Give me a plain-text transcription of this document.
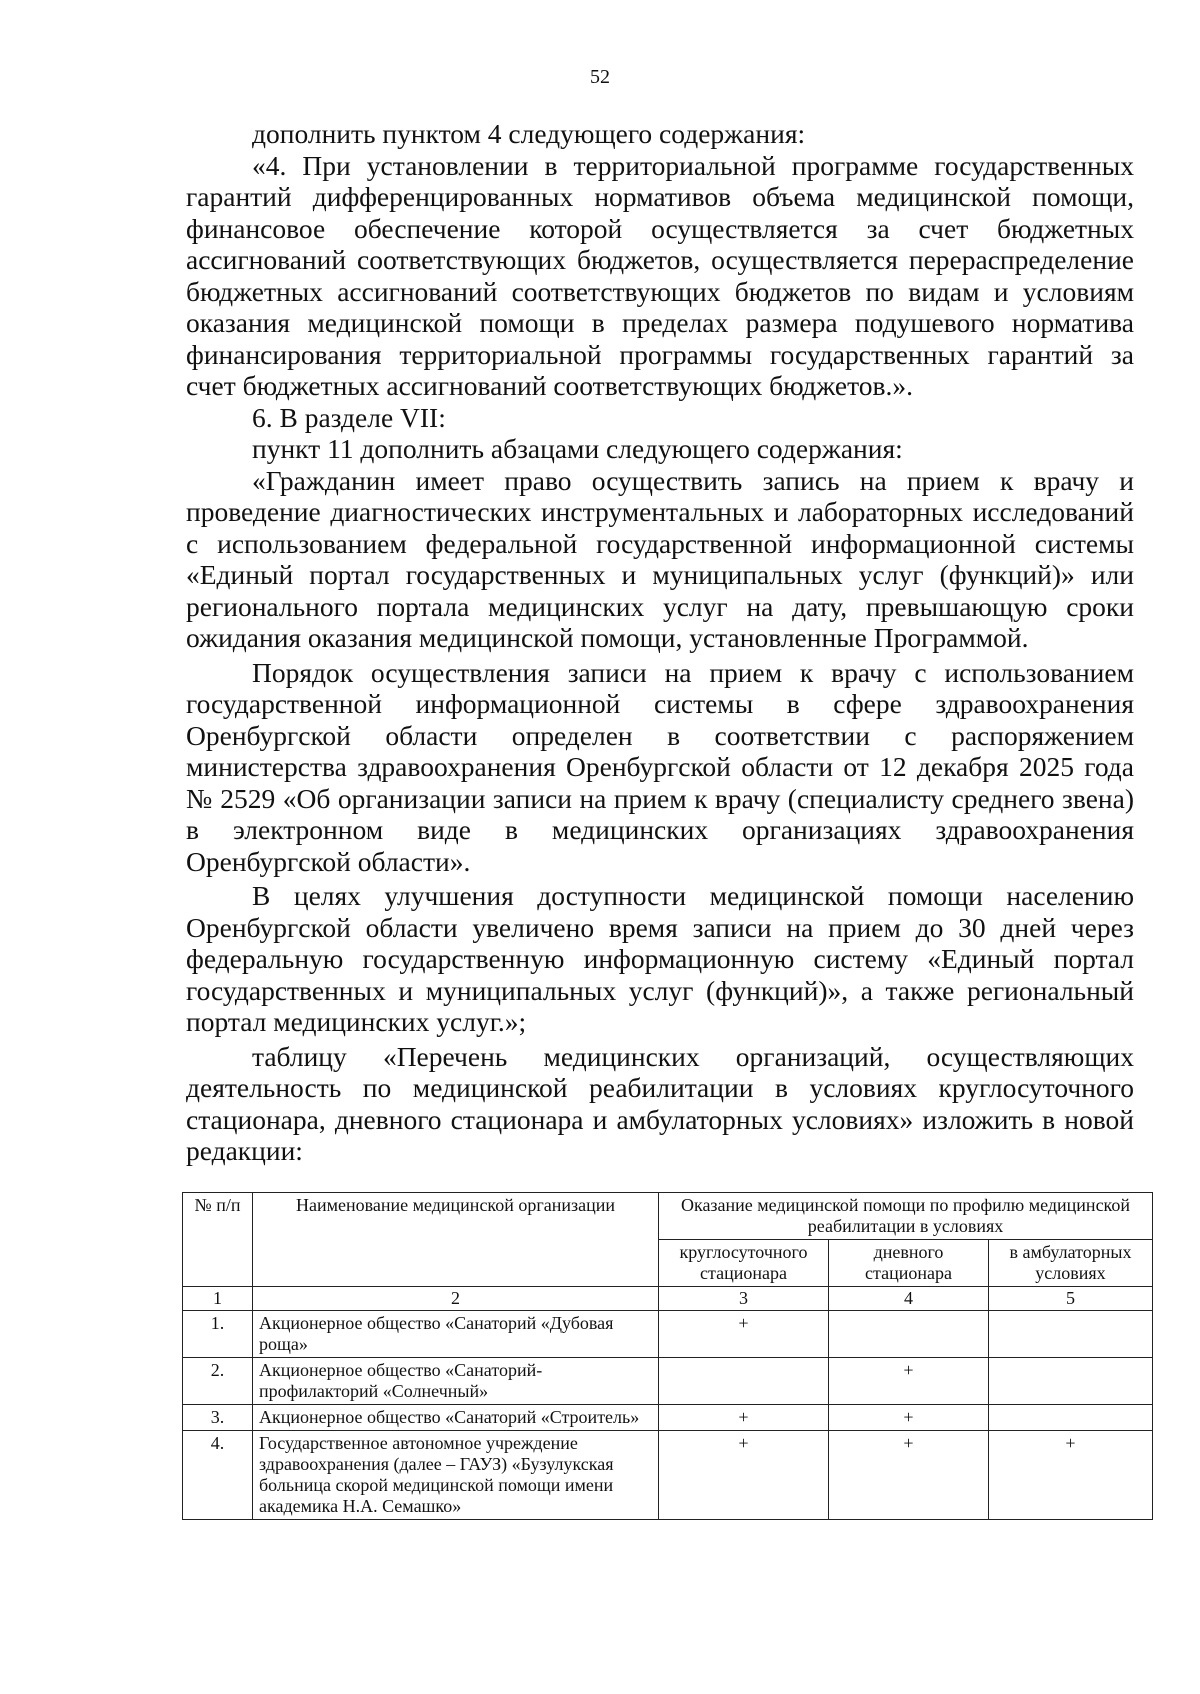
52

дополнить пунктом 4 следующего содержания:

«4. При установлении в территориальной программе государственных гарантий дифференцированных нормативов объема медицинской помощи, финансовое обеспечение которой осуществляется за счет бюджетных ассигнований соответствующих бюджетов, осуществляется перераспределение бюджетных ассигнований соответствующих бюджетов по видам и условиям оказания медицинской помощи в пределах размера подушевого норматива финансирования территориальной программы государственных гарантий за счет бюджетных ассигнований соответствующих бюджетов.».

6. В разделе VII:

пункт 11 дополнить абзацами следующего содержания:

«Гражданин имеет право осуществить запись на прием к врачу и проведение диагностических инструментальных и лабораторных исследований с использованием федеральной государственной информационной системы «Единый портал государственных и муниципальных услуг (функций)» или регионального портала медицинских услуг на дату, превышающую сроки ожидания оказания медицинской помощи, установленные Программой.

Порядок осуществления записи на прием к врачу с использованием государственной информационной системы в сфере здравоохранения Оренбургской области определен в соответствии с распоряжением министерства здравоохранения Оренбургской области от 12 декабря 2025 года № 2529 «Об организации записи на прием к врачу (специалисту среднего звена) в электронном виде в медицинских организациях здравоохранения Оренбургской области».

В целях улучшения доступности медицинской помощи населению Оренбургской области увеличено время записи на прием до 30 дней через федеральную государственную информационную систему «Единый портал государственных и муниципальных услуг (функций)», а также региональный портал медицинских услуг.»;

таблицу «Перечень медицинских организаций, осуществляющих деятельность по медицинской реабилитации в условиях круглосуточного стационара, дневного стационара и амбулаторных условиях» изложить в новой редакции:

№ п/п	Наименование медицинской организации	Оказание медицинской помощи по профилю медицинской реабилитации в условиях		
		круглосуточного стационара	дневного стационара	в амбулаторных условиях
1	2	3	4	5
1.	Акционерное общество «Санаторий «Дубовая роща»	+		
2.	Акционерное общество «Санаторий-профилакторий «Солнечный»		+	
3.	Акционерное общество «Санаторий «Строитель»	+	+	
4.	Государственное автономное учреждение здравоохранения (далее – ГАУЗ) «Бузулукская больница скорой медицинской помощи имени академика Н.А. Семашко»	+	+	+
